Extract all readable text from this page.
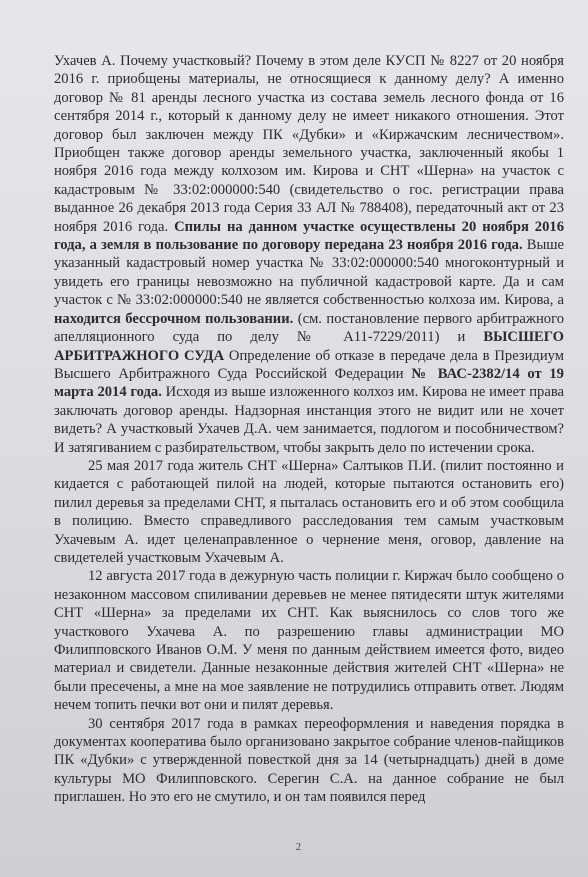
Ухачев А. Почему участковый? Почему в этом деле КУСП № 8227 от 20 ноября 2016 г. приобщены материалы, не относящиеся к данному делу? А именно договор № 81 аренды лесного участка из состава земель лесного фонда от 16 сентября 2014 г., который к данному делу не имеет никакого отношения. Этот договор был заключен между ПК «Дубки» и «Киржачским лесничеством». Приобщен также договор аренды земельного участка, заключенный якобы 1 ноября 2016 года между колхозом им. Кирова и СНТ «Шерна» на участок с кадастровым № 33:02:000000:540 (свидетельство о гос. регистрации права выданное 26 декабря 2013 года Серия 33 АЛ № 788408), передаточный акт от 23 ноября 2016 года. Спилы на данном участке осуществлены 20 ноября 2016 года, а земля в пользование по договору передана 23 ноября 2016 года. Выше указанный кадастровый номер участка № 33:02:000000:540 многоконтурный и увидеть его границы невозможно на публичной кадастровой карте. Да и сам участок с № 33:02:000000:540 не является собственностью колхоза им. Кирова, а находится бессрочном пользовании. (см. постановление первого арбитражного апелляционного суда по делу № А11-7229/2011) и ВЫСШЕГО АРБИТРАЖНОГО СУДА Определение об отказе в передаче дела в Президиум Высшего Арбитражного Суда Российской Федерации № ВАС-2382/14 от 19 марта 2014 года. Исходя из выше изложенного колхоз им. Кирова не имеет права заключать договор аренды. Надзорная инстанция этого не видит или не хочет видеть? А участковый Ухачев Д.А. чем занимается, подлогом и пособничеством? И затягиванием с разбирательством, чтобы закрыть дело по истечении срока.

25 мая 2017 года житель СНТ «Шерна» Салтыков П.И. (пилит постоянно и кидается с работающей пилой на людей, которые пытаются остановить его) пилил деревья за пределами СНТ, я пыталась остановить его и об этом сообщила в полицию. Вместо справедливого расследования тем самым участковым Ухачевым А. идет целенаправленное о чернение меня, оговор, давление на свидетелей участковым Ухачевым А.

12 августа 2017 года в дежурную часть полиции г. Киржач было сообщено о незаконном массовом спиливании деревьев не менее пятидесяти штук жителями СНТ «Шерна» за пределами их СНТ. Как выяснилось со слов того же участкового Ухачева А. по разрешению главы администрации МО Филипповского Иванов О.М. У меня по данным действием имеется фото, видео материал и свидетели. Данные незаконные действия жителей СНТ «Шерна» не были пресечены, а мне на мое заявление не потрудились отправить ответ. Людям нечем топить печки вот они и пилят деревья.

30 сентября 2017 года в рамках переоформления и наведения порядка в документах кооператива было организовано закрытое собрание членов-пайщиков ПК «Дубки» с утвержденной повесткой дня за 14 (четырнадцать) дней в доме культуры МО Филипповского. Серегин С.А. на данное собрание не был приглашен. Но это его не смутило, и он там появился перед

2
